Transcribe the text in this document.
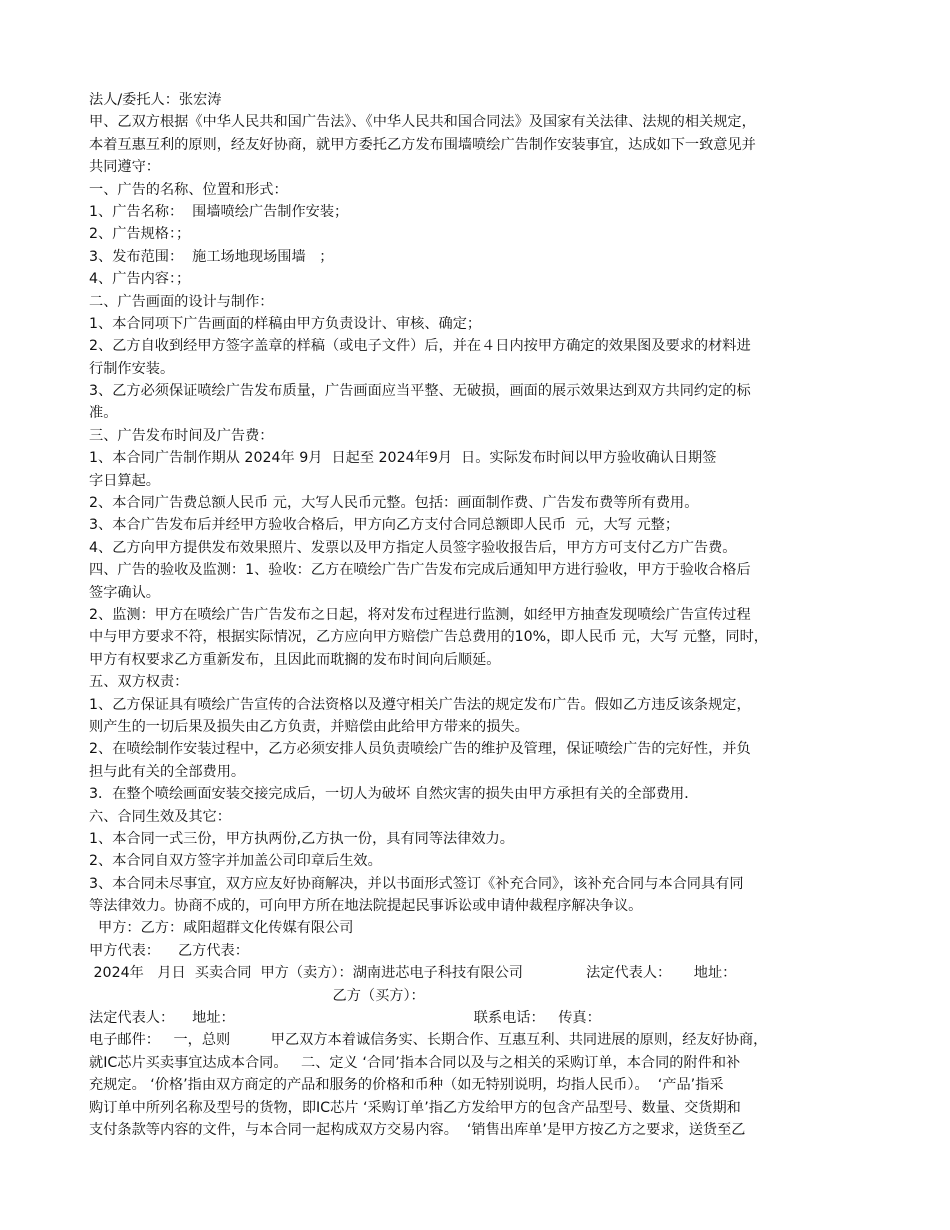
法人/委托人：张宏涛
甲、乙双方根据《中华人民共和国广告法》、《中华人民共和国合同法》及国家有关法律、法规的相关规定，
本着互惠互利的原则，经友好协商，就甲方委托乙方发布围墙喷绘广告制作安装事宜，达成如下一致意见并
共同遵守：
一、广告的名称、位置和形式：
1、广告名称：  围墙喷绘广告制作安装；
2、广告规格：；
3、发布范围：  施工场地现场围墙   ；
4、广告内容：；
二、广告画面的设计与制作：
1、本合同项下广告画面的样稿由甲方负责设计、审核、确定；
2、乙方自收到经甲方签字盖章的样稿（或电子文件）后，并在４日内按甲方确定的效果图及要求的材料进
行制作安装。
3、乙方必须保证喷绘广告发布质量，广告画面应当平整、无破损，画面的展示效果达到双方共同约定的标
准。
三、广告发布时间及广告费：
1、本合同广告制作期从 2024年 9月  日起至 2024年9月  日。实际发布时间以甲方验收确认日期签
字日算起。
2、本合同广告费总额人民币 元，大写人民币元整。包括：画面制作费、广告发布费等所有费用。
3、本合广告发布后并经甲方验收合格后，甲方向乙方支付合同总额即人民币  元，大写 元整；
4、乙方向甲方提供发布效果照片、发票以及甲方指定人员签字验收报告后，甲方方可支付乙方广告费。
四、广告的验收及监测：1、验收：乙方在喷绘广告广告发布完成后通知甲方进行验收，甲方于验收合格后
签字确认。
2、监测：甲方在喷绘广告广告发布之日起，将对发布过程进行监测，如经甲方抽查发现喷绘广告宣传过程
中与甲方要求不符，根据实际情况，乙方应向甲方赔偿广告总费用的10%，即人民币 元，大写 元整，同时，
甲方有权要求乙方重新发布，且因此而耽搁的发布时间向后顺延。
五、双方权责：
1、乙方保证具有喷绘广告宣传的合法资格以及遵守相关广告法的规定发布广告。假如乙方违反该条规定，
则产生的一切后果及损失由乙方负责，并赔偿由此给甲方带来的损失。
2、在喷绘制作安装过程中，乙方必须安排人员负责喷绘广告的维护及管理，保证喷绘广告的完好性，并负
担与此有关的全部费用。
3．在整个喷绘画面安装交接完成后，一切人为破坏 自然灾害的损失由甲方承担有关的全部费用．
六、合同生效及其它：
1、本合同一式三份，甲方执两份,乙方执一份，具有同等法律效力。
2、本合同自双方签字并加盖公司印章后生效。
3、本合同未尽事宜，双方应友好协商解决，并以书面形式签订《补充合同》，该补充合同与本合同具有同
等法律效力。协商不成的，可向甲方所在地法院提起民事诉讼或申请仲裁程序解决争议。
甲方：乙方：咸阳超群文化传媒有限公司
甲方代表：    乙方代表：
2024年   月日  买卖合同  甲方（卖方）：湖南进芯电子科技有限公司              法定代表人：     地址：
乙方（买方）：
法定代表人：    地址：                                                     联系电话：   传真：
电子邮件：   一，总则         甲乙双方本着诚信务实、长期合作、互惠互利、共同进展的原则，经友好协商，
就IC芯片买卖事宜达成本合同。   二、定义 ‘合同’指本合同以及与之相关的采购订单，本合同的附件和补
充规定。 ‘价格’指由双方商定的产品和服务的价格和币种（如无特别说明，均指人民币）。  ‘产品’指采
购订单中所列名称及型号的货物，即IC芯片 ‘采购订单’指乙方发给甲方的包含产品型号、数量、交货期和
支付条款等内容的文件，与本合同一起构成双方交易内容。  ‘销售出库单’是甲方按乙方之要求，送货至乙
